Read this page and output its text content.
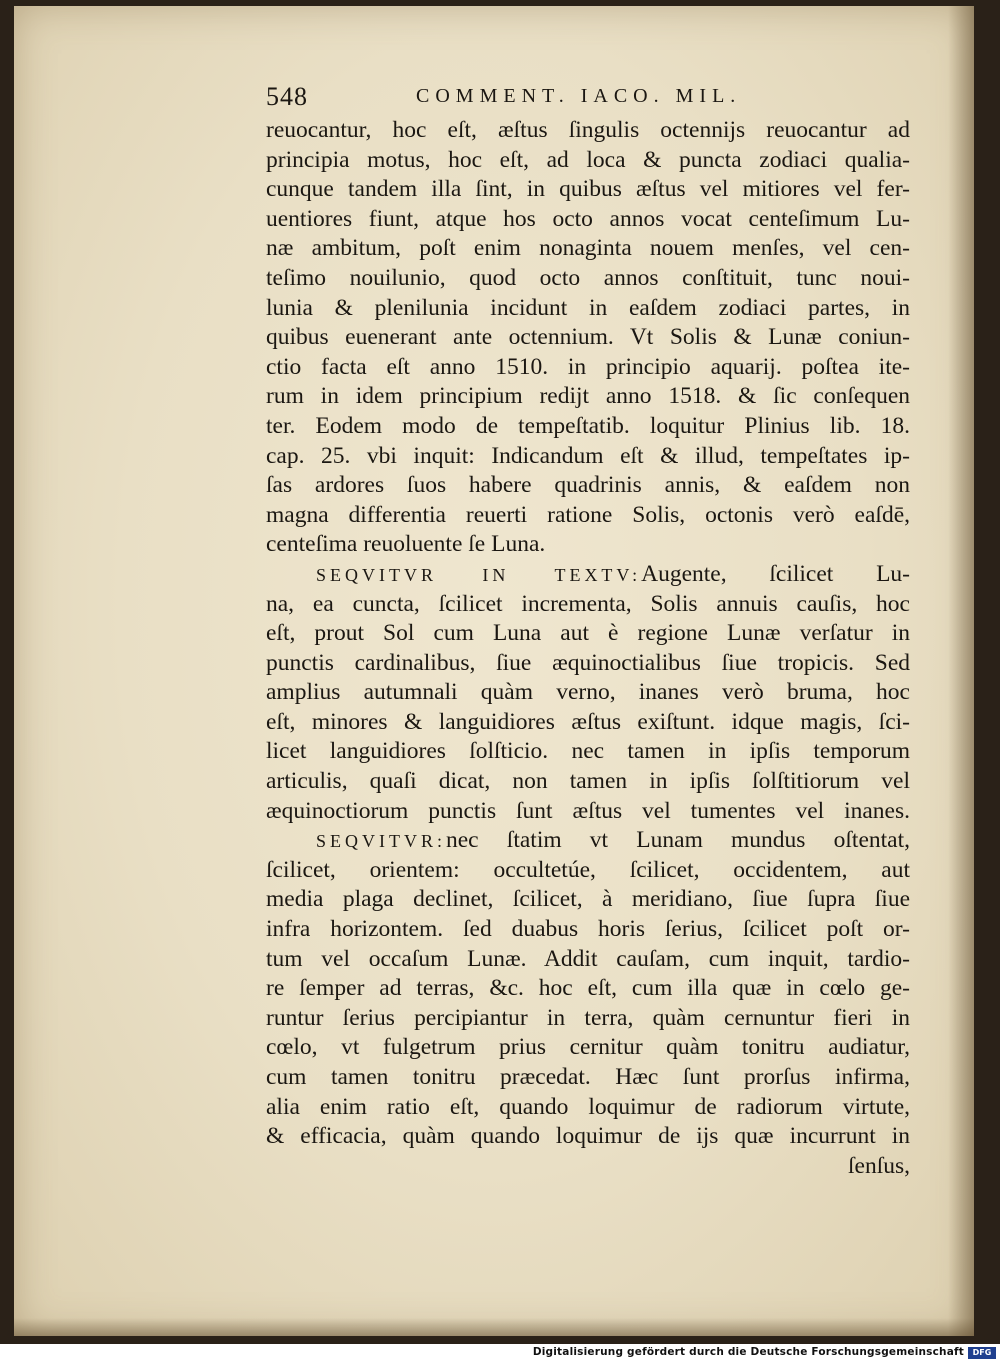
548	COMMENT. IACO. MIL.
reuocantur, hoc eſt, æſtus ſingulis octennijs reuocantur ad
principia motus, hoc eſt, ad loca & puncta zodiaci qualia-
cunque tandem illa ſint, in quibus æſtus vel mitiores vel fer-
uentiores fiunt, atque hos octo annos vocat centeſimum Lu-
næ ambitum, poſt enim nonaginta nouem menſes, vel cen-
teſimo nouilunio, quod octo annos conſtituit, tunc noui-
lunia & plenilunia incidunt in eaſdem zodiaci partes, in
quibus euenerant ante octennium. Vt Solis & Lunæ coniun-
ctio facta eſt anno 1510. in principio aquarij. poſtea ite-
rum in idem principium redijt anno 1518. & ſic conſequen
ter. Eodem modo de tempeſtatib. loquitur Plinius lib. 18.
cap. 25. vbi inquit: Indicandum eſt & illud, tempeſtates ip-
ſas ardores ſuos habere quadrinis annis, & eaſdem non
magna differentia reuerti ratione Solis, octonis verò eaſdē,
centeſima reuoluente ſe Luna.
SEQVITVR IN TEXTV:Augente, ſcilicet Lu-
na, ea cuncta, ſcilicet incrementa, Solis annuis cauſis, hoc
eſt, prout Sol cum Luna aut è regione Lunæ verſatur in
punctis cardinalibus, ſiue æquinoctialibus ſiue tropicis. Sed
amplius autumnali quàm verno, inanes verò bruma, hoc
eſt, minores & languidiores æſtus exiſtunt. idque magis, ſci-
licet languidiores ſolſticio. nec tamen in ipſis temporum
articulis, quaſi dicat, non tamen in ipſis ſolſtitiorum vel
æquinoctiorum punctis ſunt æſtus vel tumentes vel inanes.
SEQVITVR:nec ſtatim vt Lunam mundus oſtentat,
ſcilicet, orientem: occultetúe, ſcilicet, occidentem, aut
media plaga declinet, ſcilicet, à meridiano, ſiue ſupra ſiue
infra horizontem. ſed duabus horis ſerius, ſcilicet poſt or-
tum vel occaſum Lunæ. Addit cauſam, cum inquit, tardio-
re ſemper ad terras, &c. hoc eſt, cum illa quæ in cœlo ge-
runtur ſerius percipiantur in terra, quàm cernuntur fieri in
cœlo, vt fulgetrum prius cernitur quàm tonitru audiatur,
cum tamen tonitru præcedat. Hæc ſunt prorſus infirma,
alia enim ratio eſt, quando loquimur de radiorum virtute,
& efficacia, quàm quando loquimur de ijs quæ incurrunt in
ſenſus,
Digitalisierung gefördert durch die Deutsche Forschungsgemeinschaft	DFG
